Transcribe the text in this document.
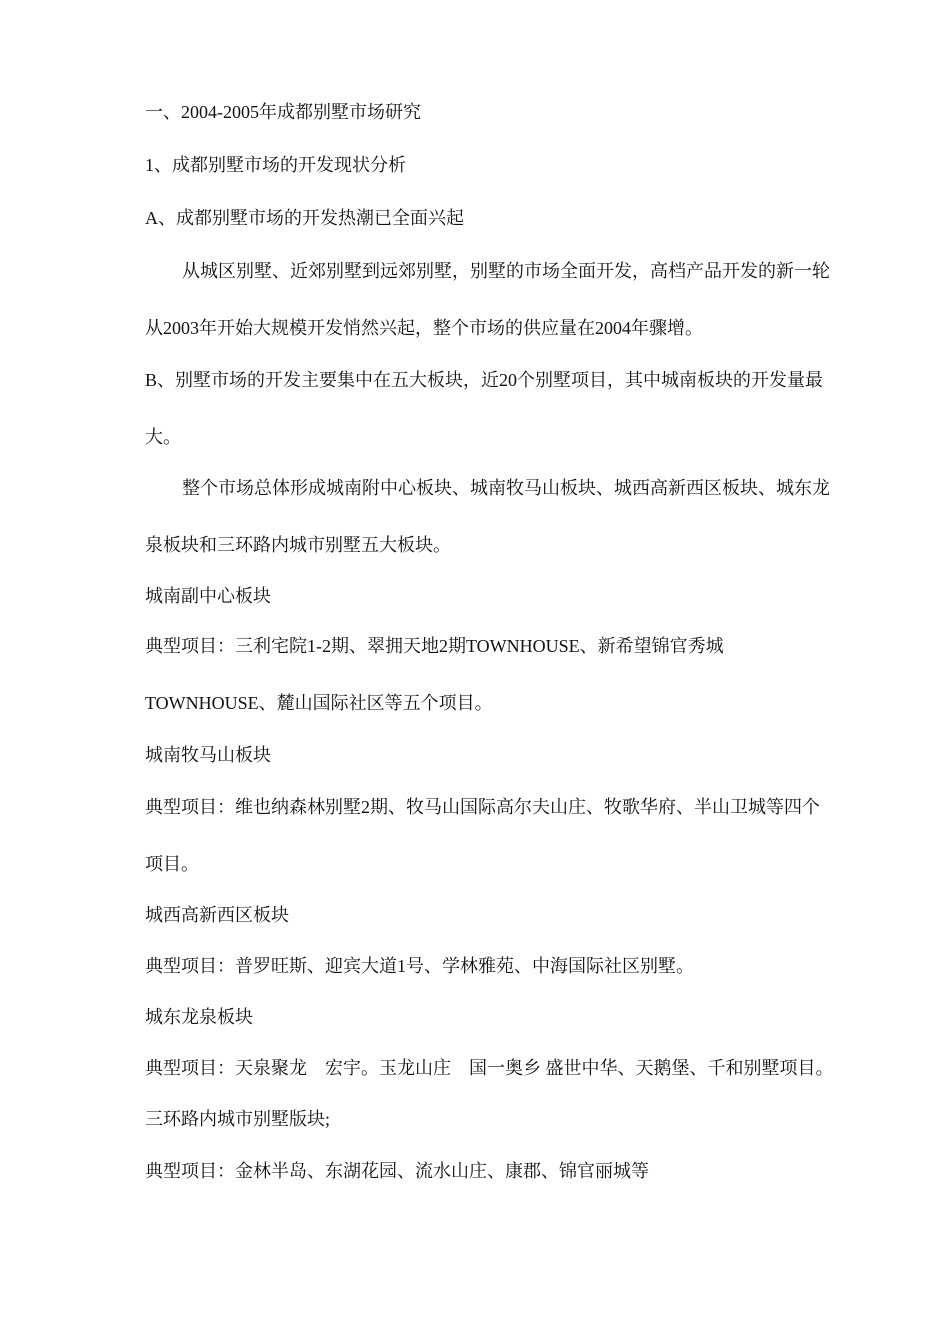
一、2004-2005年成都别墅市场研究
1、成都别墅市场的开发现状分析
A、成都别墅市场的开发热潮已全面兴起
从城区别墅、近郊别墅到远郊别墅，别墅的市场全面开发，高档产品开发的新一轮
从2003年开始大规模开发悄然兴起，整个市场的供应量在2004年骤增。
B、别墅市场的开发主要集中在五大板块，近20个别墅项目，其中城南板块的开发量最
大。
整个市场总体形成城南附中心板块、城南牧马山板块、城西高新西区板块、城东龙
泉板块和三环路内城市别墅五大板块。
城南副中心板块
典型项目：三利宅院1-2期、翠拥天地2期TOWNHOUSE、新希望锦官秀城
TOWNHOUSE、麓山国际社区等五个项目。
城南牧马山板块
典型项目：维也纳森林别墅2期、牧马山国际高尔夫山庄、牧歌华府、半山卫城等四个
项目。
城西高新西区板块
典型项目：普罗旺斯、迎宾大道1号、学林雅苑、中海国际社区别墅。
城东龙泉板块
典型项目：天泉聚龙　宏宇。玉龙山庄　国一奥乡 盛世中华、天鹅堡、千和别墅项目。
三环路内城市别墅版块;
典型项目：金林半岛、东湖花园、流水山庄、康郡、锦官丽城等
